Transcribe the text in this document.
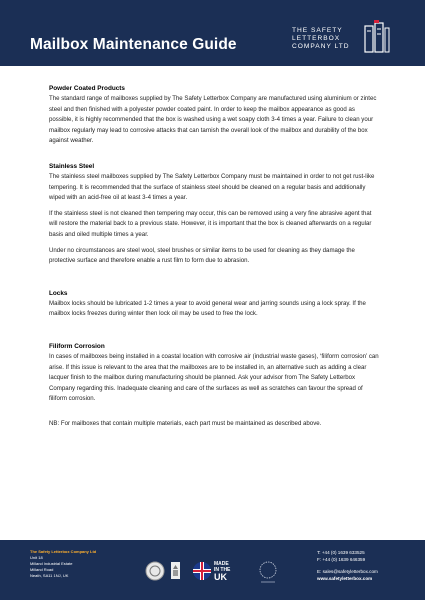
Mailbox Maintenance Guide
THE SAFETY
LETTERBOX
COMPANY LTD
Powder Coated Products
The standard range of mailboxes supplied by The Safety Letterbox Company are manufactured using aluminium or zintec steel and then finished with a polyester powder coated paint. In order to keep the mailbox appearance as good as possible, it is highly recommended that the box is washed using a wet soapy cloth 3-4 times a year. Failure to clean your mailbox regularly may lead to corrosive attacks that can tarnish the overall look of the mailbox and durability of the box against weather.
Stainless Steel
The stainless steel mailboxes supplied by The Safety Letterbox Company must be maintained in order to not get rust-like tempering. It is recommended that the surface of stainless steel should be cleaned on a regular basis and additionally wiped with an acid-free oil at least 3-4 times a year.
If the stainless steel is not cleaned then tempering may occur, this can be removed using a very fine abrasive agent that will restore the material back to a previous state. However, it is important that the box is cleaned afterwards on a regular basis and oiled multiple times a year.
Under no circumstances are steel wool, steel brushes or similar items to be used for cleaning as they damage the protective surface and therefore enable a rust film to form due to abrasion.
Locks
Mailbox locks should be lubricated 1-2 times a year to avoid general wear and jarring sounds using a lock spray. If the mailbox locks freezes during winter then lock oil may be used to free the lock.
Filiform Corrosion
In cases of mailboxes being installed in a coastal location with corrosive air (industrial waste gases), ‘filiform corrosion’ can arise. If this issue is relevant to the area that the mailboxes are to be installed in, an alternative such as adding a clear lacquer finish to the mailbox during manufacturing should be planned. Ask your advisor from The Safety Letterbox Company regarding this. Inadequate cleaning and care of the surfaces as well as scratches can favour the spread of filiform corrosion.
NB: For mailboxes that contain multiple materials, each part must be maintained as described above.
The Safety Letterbox Company Ltd
Unit 18
Milland Industrial Estate
Milland Road
Neath, SA11 1NJ, UK
MADE
IN THE
UK
T: +44 (0) 1639 633525
F: +44 (0) 1639 646359
E: sales@safetyletterbox.com
www.safetyletterbox.com
